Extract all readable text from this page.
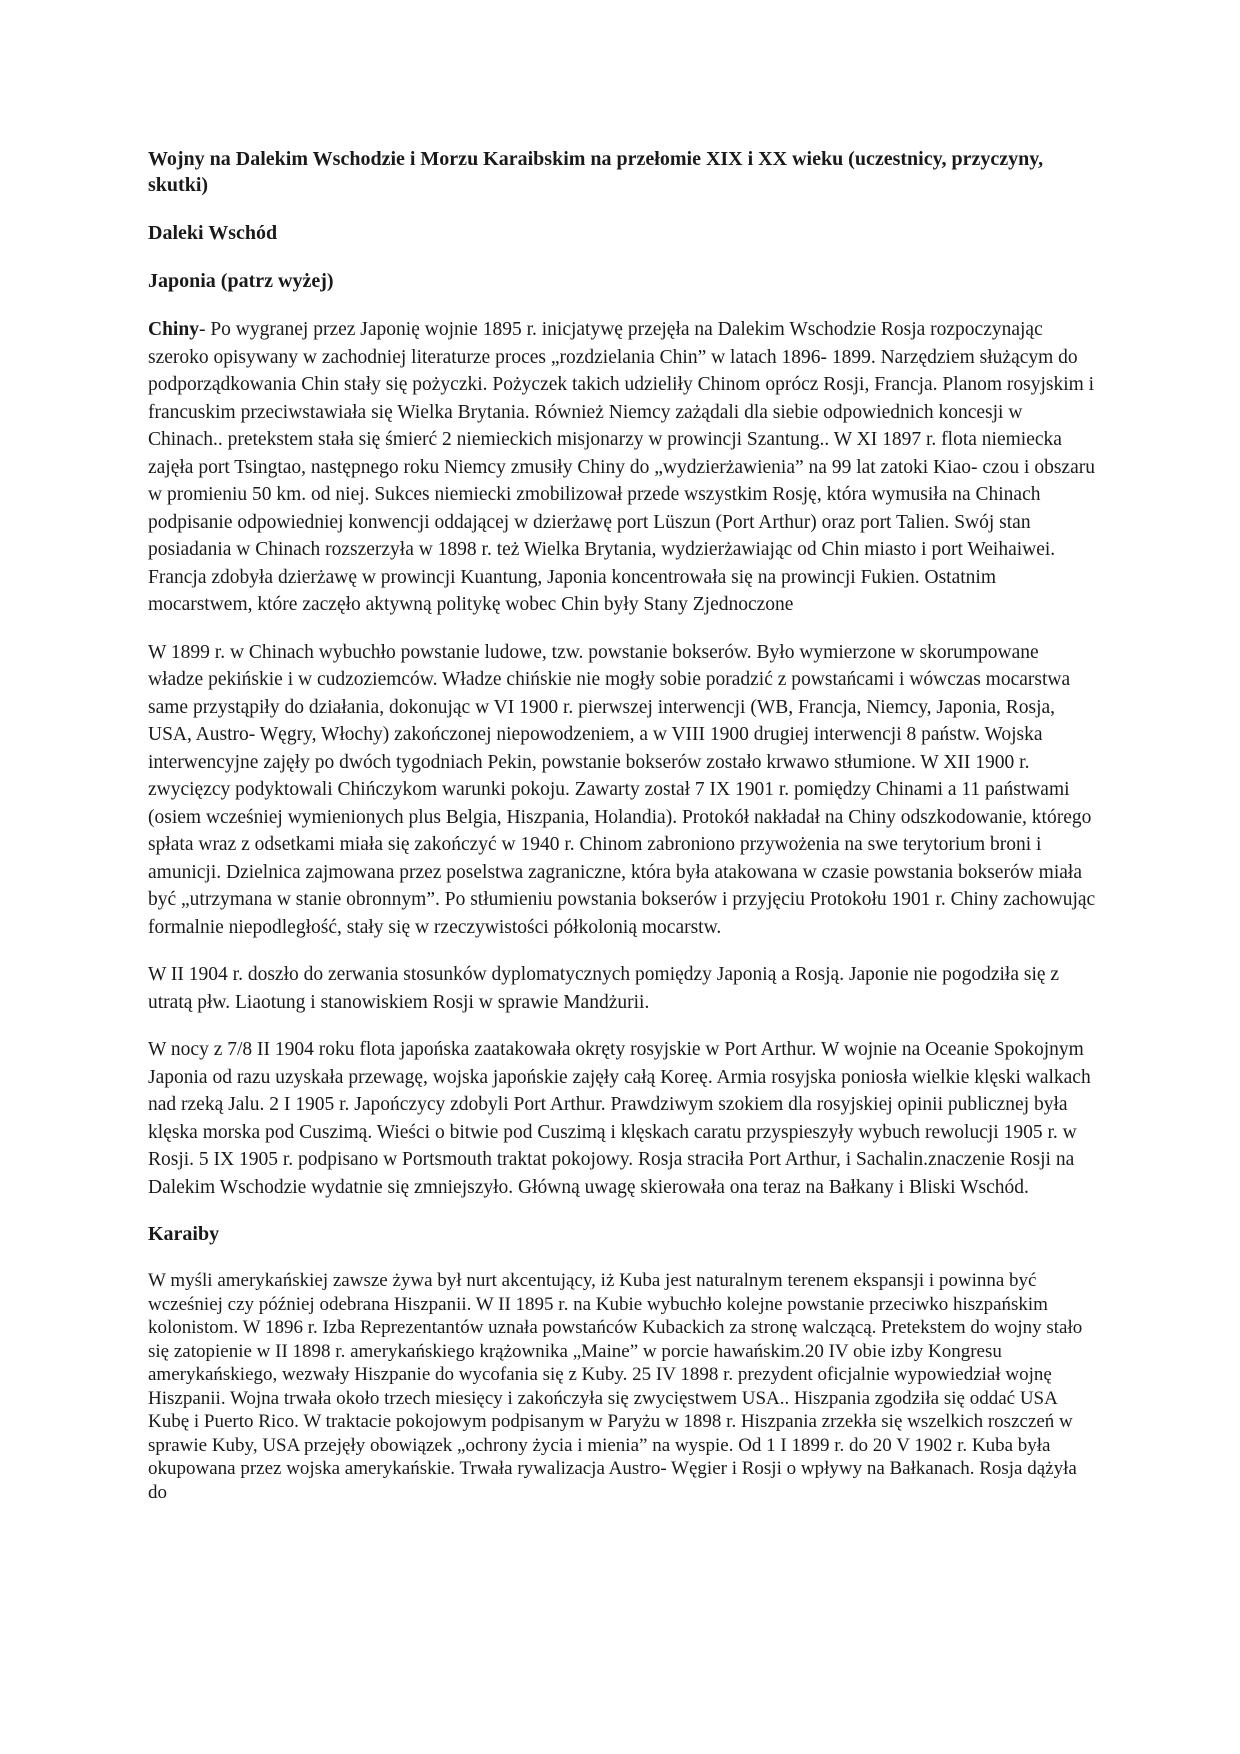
Wojny na Dalekim Wschodzie i Morzu Karaibskim na przełomie XIX i XX wieku (uczestnicy, przyczyny, skutki)
Daleki Wschód
Japonia (patrz wyżej)

Chiny- Po wygranej przez Japonię wojnie 1895 r. inicjatywę przejęła na Dalekim Wschodzie Rosja rozpoczynając szeroko opisywany w zachodniej literaturze proces „rozdzielania Chin” w latach 1896- 1899. Narzędziem służącym do podporządkowania Chin stały się pożyczki. Pożyczek takich udzieliły Chinom oprócz Rosji, Francja. Planom rosyjskim i francuskim przeciwstawiała się Wielka Brytania. Również Niemcy zażądali dla siebie odpowiednich koncesji w Chinach.. pretekstem stała się śmierć 2 niemieckich misjonarzy w prowincji Szantung.. W XI 1897 r. flota niemiecka zajęła port Tsingtao, następnego roku Niemcy zmusiły Chiny do „wydzierżawienia” na 99 lat zatoki Kiao- czou i obszaru w promieniu 50 km. od niej. Sukces niemiecki zmobilizował przede wszystkim Rosję, która wymusiła na Chinach podpisanie odpowiedniej konwencji oddającej w dzierżawę port Lüszun (Port Arthur) oraz port Talien. Swój stan posiadania w Chinach rozszerzyła w 1898 r. też Wielka Brytania, wydzierżawiając od Chin miasto i port Weihaiwei. Francja zdobyła dzierżawę w prowincji Kuantung, Japonia koncentrowała się na prowincji Fukien. Ostatnim mocarstwem, które zaczęło aktywną politykę wobec Chin były Stany Zjednoczone

W 1899 r. w Chinach wybuchło powstanie ludowe, tzw. powstanie bokserów. Było wymierzone w skorumpowane władze pekińskie i w cudzoziemców. Władze chińskie nie mogły sobie poradzić z powstańcami i wówczas mocarstwa same przystąpiły do działania, dokonując w VI 1900 r. pierwszej interwencji (WB, Francja, Niemcy, Japonia, Rosja, USA, Austro- Węgry, Włochy) zakończonej niepowodzeniem, a w VIII 1900 drugiej interwencji 8 państw. Wojska interwencyjne zajęły po dwóch tygodniach Pekin, powstanie bokserów zostało krwawo stłumione. W XII 1900 r. zwycięzcy podyktowali Chińczykom warunki pokoju. Zawarty został 7 IX 1901 r. pomiędzy Chinami a 11 państwami (osiem wcześniej wymienionych plus Belgia, Hiszpania, Holandia). Protokół nakładał na Chiny odszkodowanie, którego spłata wraz z odsetkami miała się zakończyć w 1940 r. Chinom zabroniono przywożenia na swe terytorium broni i amunicji. Dzielnica zajmowana przez poselstwa zagraniczne, która była atakowana w czasie powstania bokserów miała być „utrzymana w stanie obronnym”. Po stłumieniu powstania bokserów i przyjęciu Protokołu 1901 r. Chiny zachowując formalnie niepodległość, stały się w rzeczywistości półkolonią mocarstw.

W II 1904 r. doszło do zerwania stosunków dyplomatycznych pomiędzy Japonią a Rosją. Japonie nie pogodziła się z utratą płw. Liaotung i stanowiskiem Rosji w sprawie Mandżurii.

W nocy z 7/8 II 1904 roku flota japońska zaatakowała okręty rosyjskie w Port Arthur. W wojnie na Oceanie Spokojnym Japonia od razu uzyskała przewagę, wojska japońskie zajęły całą Koreę. Armia rosyjska poniosła wielkie klęski walkach nad rzeką Jalu. 2 I 1905 r. Japończycy zdobyli Port Arthur. Prawdziwym szokiem dla rosyjskiej opinii publicznej była klęska morska pod Cuszimą. Wieści o bitwie pod Cuszimą i klęskach caratu przyspieszyły wybuch rewolucji 1905 r. w Rosji. 5 IX 1905 r. podpisano w Portsmouth traktat pokojowy. Rosja straciła Port Arthur, i Sachalin.znaczenie Rosji na Dalekim Wschodzie wydatnie się zmniejszyło. Główną uwagę skierowała ona teraz na Bałkany i Bliski Wschód.

Karaiby

W myśli amerykańskiej zawsze żywa był nurt akcentujący, iż Kuba jest naturalnym terenem ekspansji i powinna być wcześniej czy później odebrana Hiszpanii. W II 1895 r. na Kubie wybuchło kolejne powstanie przeciwko hiszpańskim kolonistom. W 1896 r. Izba Reprezentantów uznała powstańców Kubackich za stronę walczącą. Pretekstem do wojny stało się zatopienie w II 1898 r. amerykańskiego krążownika „Maine” w porcie hawańskim.20 IV obie izby Kongresu amerykańskiego, wezwały Hiszpanie do wycofania się z Kuby. 25 IV 1898 r. prezydent oficjalnie wypowiedział wojnę Hiszpanii. Wojna trwała około trzech miesięcy i zakończyła się zwycięstwem USA.. Hiszpania zgodziła się oddać USA Kubę i Puerto Rico. W traktacie pokojowym podpisanym w Paryżu w 1898 r. Hiszpania zrzekła się wszelkich roszczeń w sprawie Kuby, USA przejęły obowiązek „ochrony życia i mienia” na wyspie. Od 1 I 1899 r. do 20 V 1902 r. Kuba była okupowana przez wojska amerykańskie. Trwała rywalizacja Austro- Węgier i Rosji o wpływy na Bałkanach. Rosja dążyła do
